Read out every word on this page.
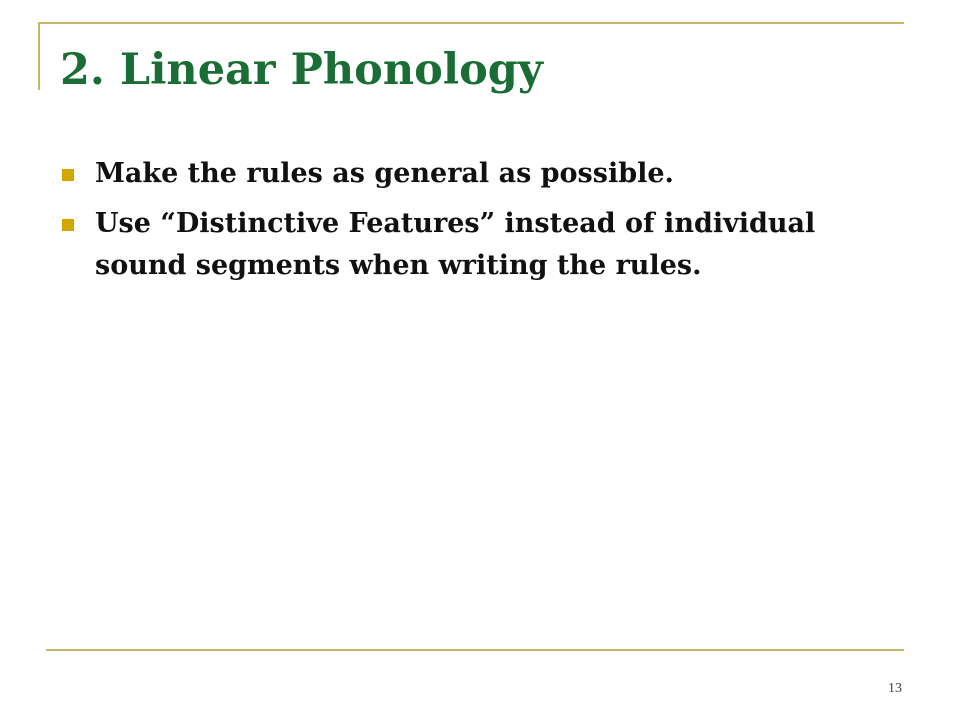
2. Linear Phonology
Make the rules as general as possible.
Use “Distinctive Features” instead of individual sound segments when writing the rules.
13
